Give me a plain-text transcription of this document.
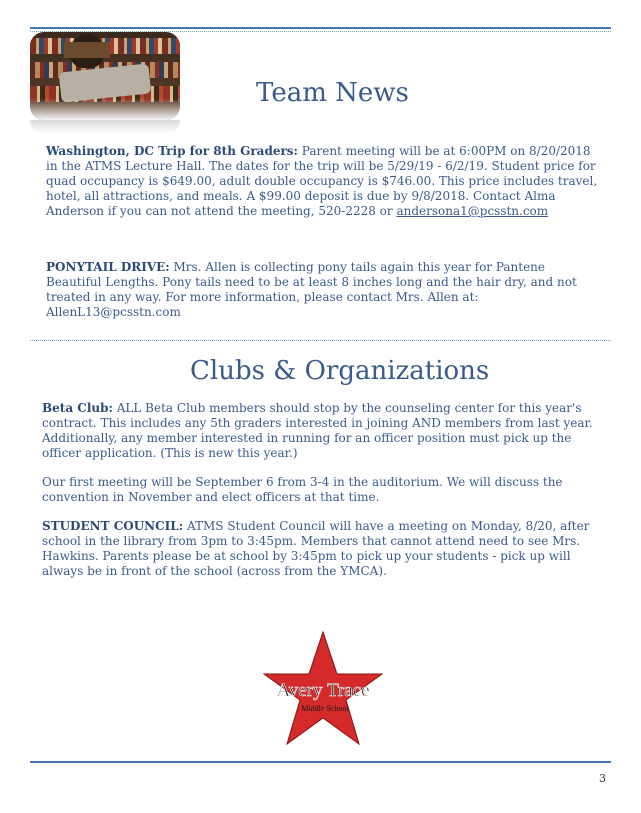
Team News

Washington, DC Trip for 8th Graders: Parent meeting will be at 6:00PM on 8/20/2018 in the ATMS Lecture Hall. The dates for the trip will be 5/29/19 - 6/2/19. Student price for quad occupancy is $649.00, adult double occupancy is $746.00. This price includes travel, hotel, all attractions, and meals. A $99.00 deposit is due by 9/8/2018. Contact Alma Anderson if you can not attend the meeting, 520-2228 or andersona1@pcsstn.com

PONYTAIL DRIVE: Mrs. Allen is collecting pony tails again this year for Pantene Beautiful Lengths. Pony tails need to be at least 8 inches long and the hair dry, and not treated in any way. For more information, please contact Mrs. Allen at: AllenL13@pcsstn.com

Clubs & Organizations

Beta Club: ALL Beta Club members should stop by the counseling center for this year's contract. This includes any 5th graders interested in joining AND members from last year. Additionally, any member interested in running for an officer position must pick up the officer application. (This is new this year.)

Our first meeting will be September 6 from 3-4 in the auditorium. We will discuss the convention in November and elect officers at that time.

STUDENT COUNCIL: ATMS Student Council will have a meeting on Monday, 8/20, after school in the library from 3pm to 3:45pm. Members that cannot attend need to see Mrs. Hawkins. Parents please be at school by 3:45pm to pick up your students - pick up will always be in front of the school (across from the YMCA).

Avery Trace
Middle School
3
